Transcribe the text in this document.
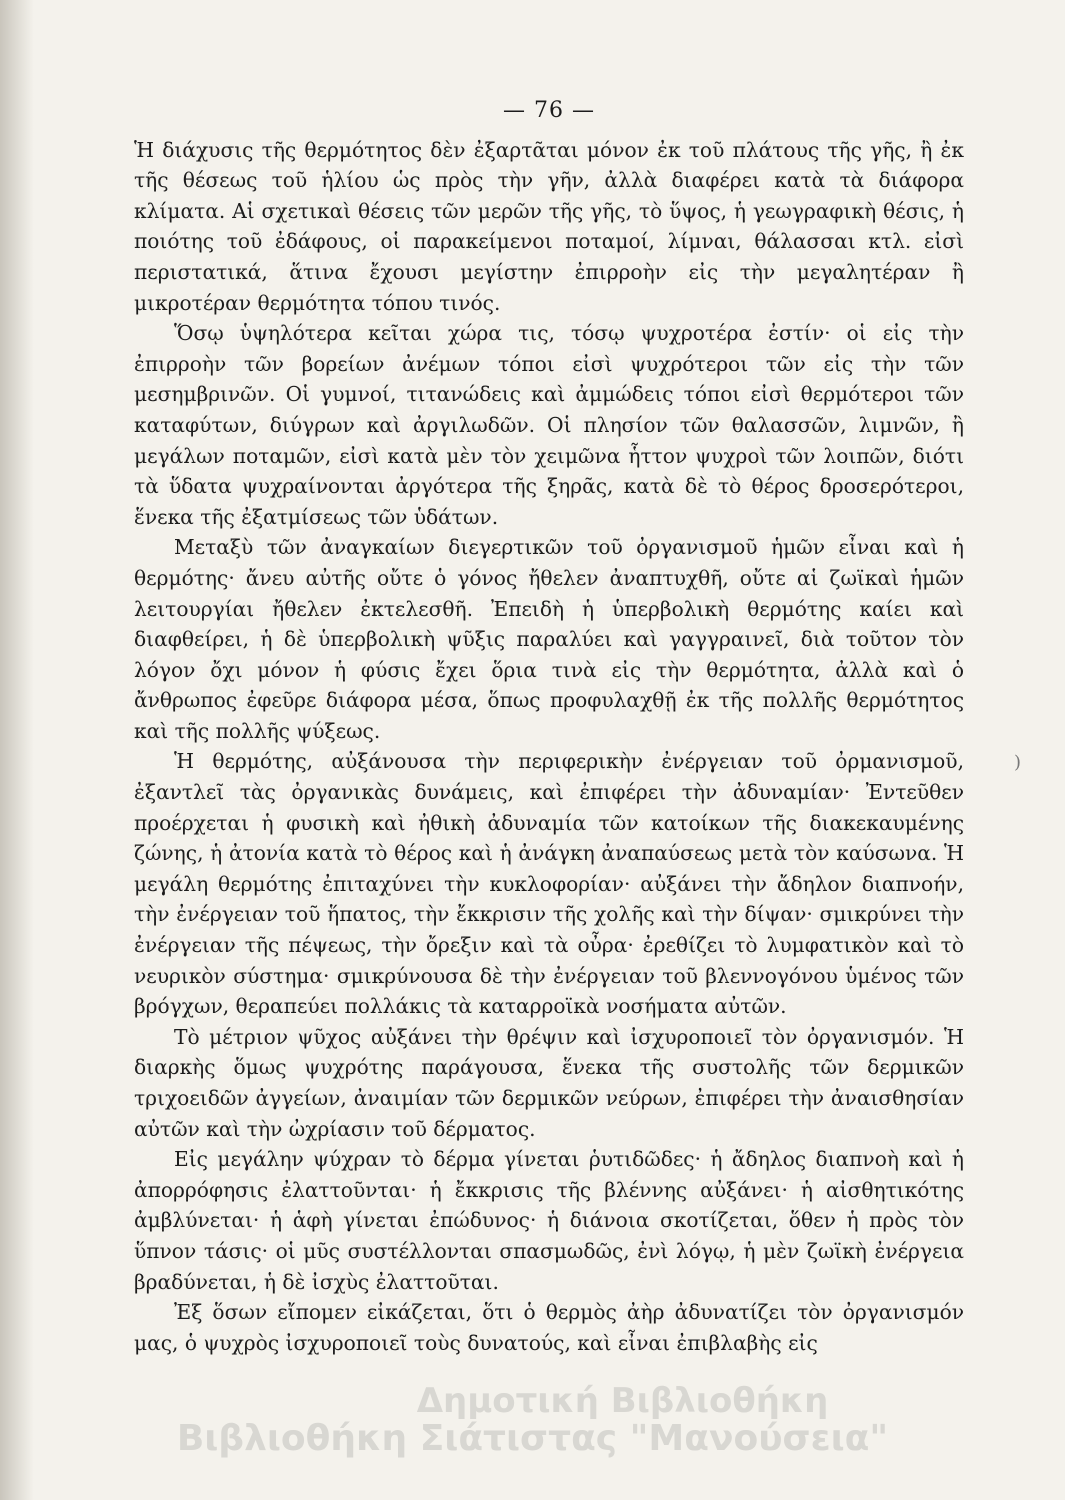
— 76 —

Ἡ διάχυσις τῆς θερμότητος δὲν ἐξαρτᾶται μόνον ἐκ τοῦ πλάτους τῆς γῆς, ἢ ἐκ τῆς θέσεως τοῦ ἡλίου ὡς πρὸς τὴν γῆν, ἀλλὰ διαφέρει κατὰ τὰ διάφορα κλίματα. Αἱ σχετικαὶ θέσεις τῶν μερῶν τῆς γῆς, τὸ ὕψος, ἡ γεωγραφικὴ θέσις, ἡ ποιότης τοῦ ἐδάφους, οἱ παρακείμενοι ποταμοί, λίμναι, θάλασσαι κτλ. εἰσὶ περιστατικά, ἅτινα ἔχουσι μεγίστην ἐπιρροὴν εἰς τὴν μεγαλητέραν ἢ μικροτέραν θερμότητα τόπου τινός.

Ὅσῳ ὑψηλότερα κεῖται χώρα τις, τόσῳ ψυχροτέρα ἐστίν· οἱ εἰς τὴν ἐπιρροὴν τῶν βορείων ἀνέμων τόποι εἰσὶ ψυχρότεροι τῶν εἰς τὴν τῶν μεσημβρινῶν. Οἱ γυμνοί, τιτανώδεις καὶ ἀμμώδεις τόποι εἰσὶ θερμότεροι τῶν καταφύτων, διύγρων καὶ ἀργιλωδῶν. Οἱ πλησίον τῶν θαλασσῶν, λιμνῶν, ἢ μεγάλων ποταμῶν, εἰσὶ κατὰ μὲν τὸν χειμῶνα ἧττον ψυχροὶ τῶν λοιπῶν, διότι τὰ ὕδατα ψυχραίνονται ἀργότερα τῆς ξηρᾶς, κατὰ δὲ τὸ θέρος δροσερότεροι, ἕνεκα τῆς ἐξατμίσεως τῶν ὑδάτων.

Μεταξὺ τῶν ἀναγκαίων διεγερτικῶν τοῦ ὀργανισμοῦ ἡμῶν εἶναι καὶ ἡ θερμότης· ἄνευ αὐτῆς οὔτε ὁ γόνος ἤθελεν ἀναπτυχθῆ, οὔτε αἱ ζωϊκαὶ ἡμῶν λειτουργίαι ἤθελεν ἐκτελεσθῆ. Ἐπειδὴ ἡ ὑπερβολικὴ θερμότης καίει καὶ διαφθείρει, ἡ δὲ ὑπερβολικὴ ψῦξις παραλύει καὶ γαγγραινεῖ, διὰ τοῦτον τὸν λόγον ὄχι μόνον ἡ φύσις ἔχει ὅρια τινὰ εἰς τὴν θερμότητα, ἀλλὰ καὶ ὁ ἄνθρωπος ἐφεῦρε διάφορα μέσα, ὅπως προφυλαχθῇ ἐκ τῆς πολλῆς θερμότητος καὶ τῆς πολλῆς ψύξεως.

Ἡ θερμότης, αὐξάνουσα τὴν περιφερικὴν ἐνέργειαν τοῦ ὀρμανισμοῦ, ἐξαντλεῖ τὰς ὀργανικὰς δυνάμεις, καὶ ἐπιφέρει τὴν ἀδυναμίαν· Ἐντεῦθεν προέρχεται ἡ φυσικὴ καὶ ἠθικὴ ἀδυναμία τῶν κατοίκων τῆς διακεκαυμένης ζώνης, ἡ ἀτονία κατὰ τὸ θέρος καὶ ἡ ἀνάγκη ἀναπαύσεως μετὰ τὸν καύσωνα. Ἡ μεγάλη θερμότης ἐπιταχύνει τὴν κυκλοφορίαν· αὐξάνει τὴν ἄδηλον διαπνοήν, τὴν ἐνέργειαν τοῦ ἥπατος, τὴν ἔκκρισιν τῆς χολῆς καὶ τὴν δίψαν· σμικρύνει τὴν ἐνέργειαν τῆς πέψεως, τὴν ὄρεξιν καὶ τὰ οὖρα· ἐρεθίζει τὸ λυμφατικὸν καὶ τὸ νευρικὸν σύστημα· σμικρύνουσα δὲ τὴν ἐνέργειαν τοῦ βλεννογόνου ὑμένος τῶν βρόγχων, θεραπεύει πολλάκις τὰ καταρροϊκὰ νοσήματα αὐτῶν.

Τὸ μέτριον ψῦχος αὐξάνει τὴν θρέψιν καὶ ἰσχυροποιεῖ τὸν ὀργανισμόν. Ἡ διαρκὴς ὅμως ψυχρότης παράγουσα, ἕνεκα τῆς συστολῆς τῶν δερμικῶν τριχοειδῶν ἀγγείων, ἀναιμίαν τῶν δερμικῶν νεύρων, ἐπιφέρει τὴν ἀναισθησίαν αὐτῶν καὶ τὴν ὠχρίασιν τοῦ δέρματος.

Εἰς μεγάλην ψύχραν τὸ δέρμα γίνεται ῥυτιδῶδες· ἡ ἄδηλος διαπνοὴ καὶ ἡ ἀπορρόφησις ἐλαττοῦνται· ἡ ἔκκρισις τῆς βλέννης αὐξάνει· ἡ αἰσθητικότης ἀμβλύνεται· ἡ ἁφὴ γίνεται ἐπώδυνος· ἡ διάνοια σκοτίζεται, ὅθεν ἡ πρὸς τὸν ὕπνον τάσις· οἱ μῦς συστέλλονται σπασμωδῶς, ἐνὶ λόγῳ, ἡ μὲν ζωϊκὴ ἐνέργεια βραδύνεται, ἡ δὲ ἰσχὺς ἐλαττοῦται.

Ἐξ ὅσων εἴπομεν εἰκάζεται, ὅτι ὁ θερμὸς ἀὴρ ἀδυνατίζει τὸν ὀργανισμόν μας, ὁ ψυχρὸς ἰσχυροποιεῖ τοὺς δυνατούς, καὶ εἶναι ἐπιβλαβὴς εἰς

)
Δημοτική Βιβλιοθήκη
Βιβλιοθήκη Σιάτιστας "Μανούσεια"
